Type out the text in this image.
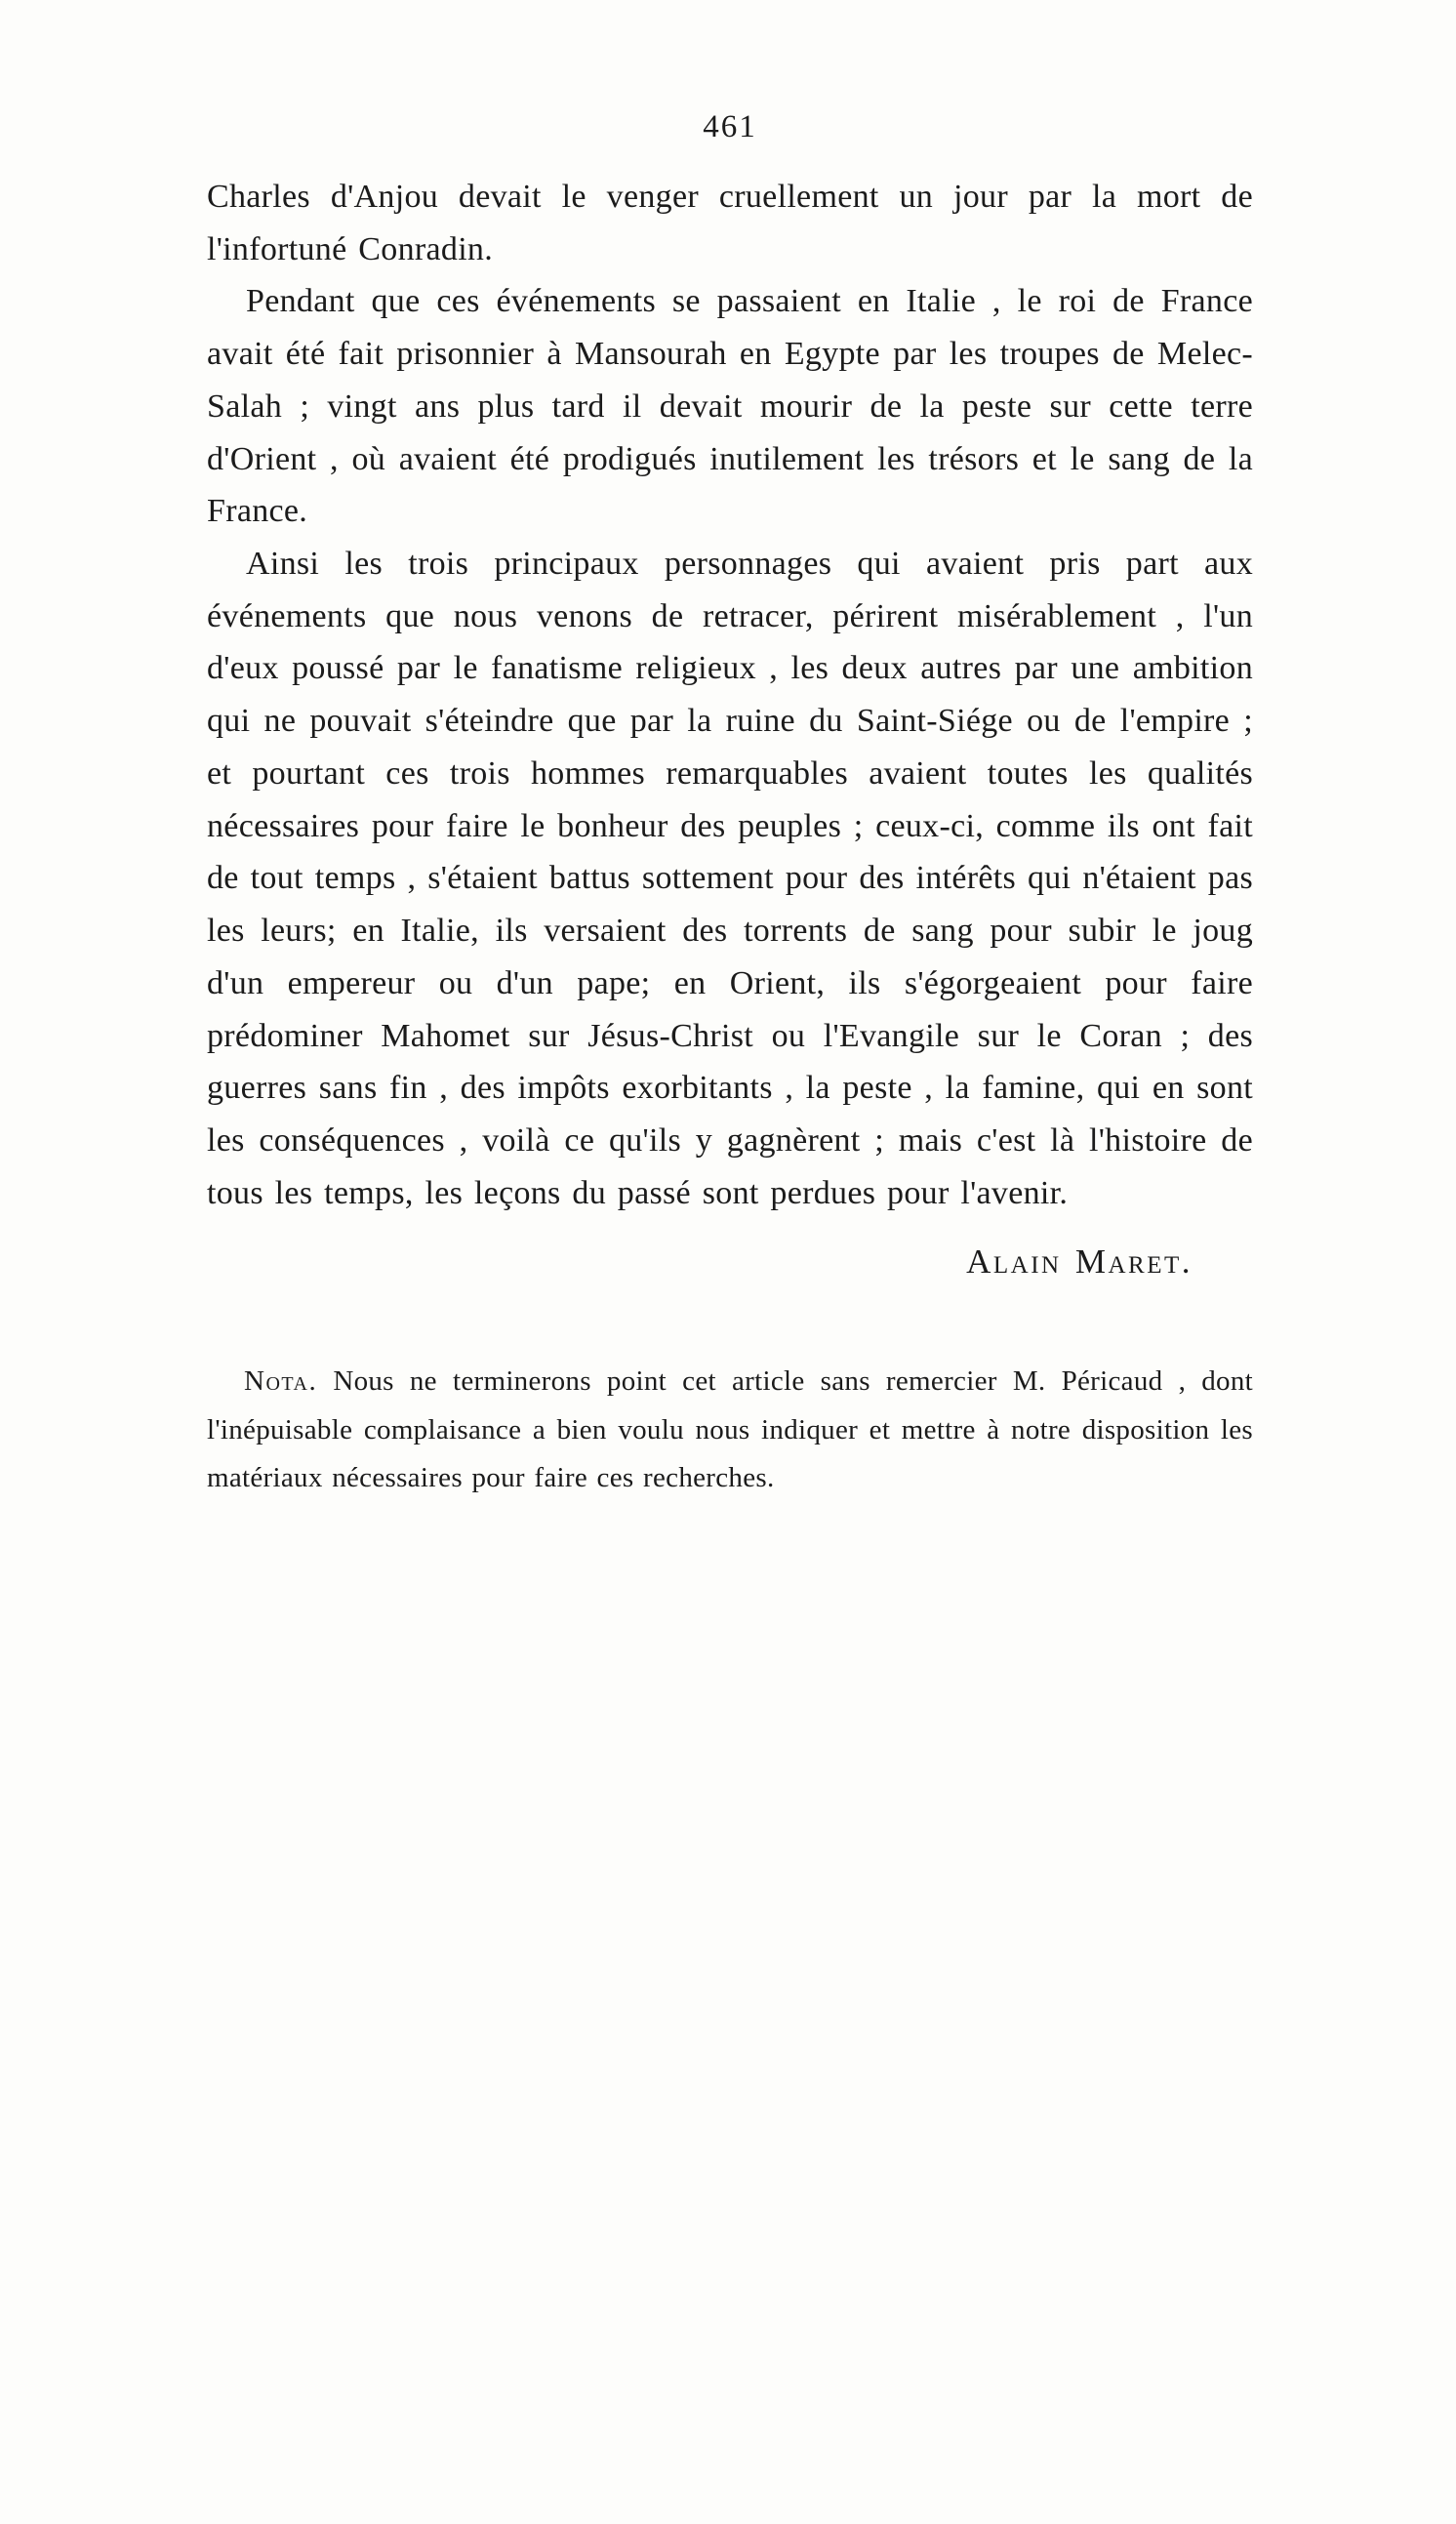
461

Charles d'Anjou devait le venger cruellement un jour par la mort de l'infortuné Conradin.

Pendant que ces événements se passaient en Italie , le roi de France avait été fait prisonnier à Mansourah en Egypte par les troupes de Melec-Salah ; vingt ans plus tard il devait mourir de la peste sur cette terre d'Orient , où avaient été prodigués inutilement les trésors et le sang de la France.

Ainsi les trois principaux personnages qui avaient pris part aux événements que nous venons de retracer, périrent misérablement , l'un d'eux poussé par le fanatisme religieux , les deux autres par une ambition qui ne pouvait s'éteindre que par la ruine du Saint-Siége ou de l'empire ; et pourtant ces trois hommes remarquables avaient toutes les qualités nécessaires pour faire le bonheur des peuples ; ceux-ci, comme ils ont fait de tout temps , s'étaient battus sottement pour des intérêts qui n'étaient pas les leurs; en Italie, ils versaient des torrents de sang pour subir le joug d'un empereur ou d'un pape; en Orient, ils s'égorgeaient pour faire prédominer Mahomet sur Jésus-Christ ou l'Evangile sur le Coran ; des guerres sans fin , des impôts exorbitants , la peste , la famine, qui en sont les conséquences , voilà ce qu'ils y gagnèrent ; mais c'est là l'histoire de tous les temps, les leçons du passé sont perdues pour l'avenir.

Alain Maret.

Nota. Nous ne terminerons point cet article sans remercier M. Péricaud , dont l'inépuisable complaisance a bien voulu nous indiquer et mettre à notre disposition les matériaux nécessaires pour faire ces recherches.
